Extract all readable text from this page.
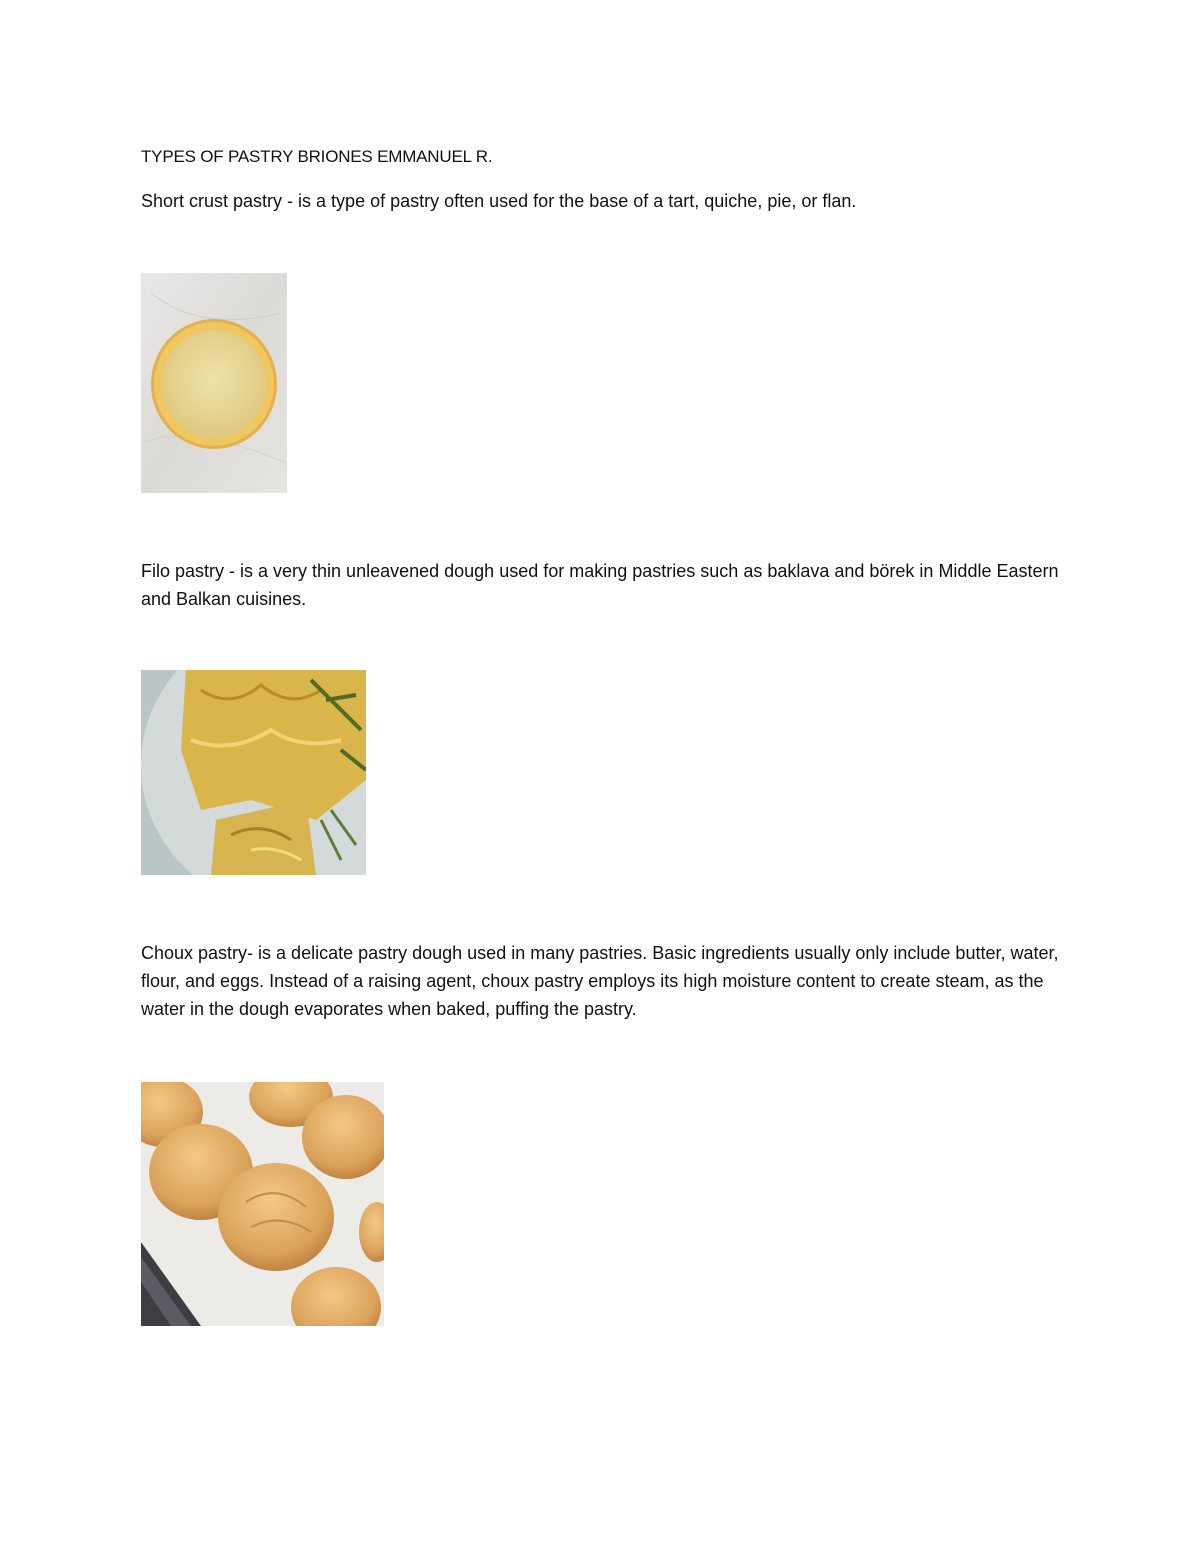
TYPES OF PASTRY BRIONES EMMANUEL R.
Short crust pastry - is a type of pastry often used for the base of a tart, quiche, pie, or flan.
Filo pastry - is a very thin unleavened dough used for making pastries such as baklava and börek in Middle Eastern and Balkan cuisines.
Choux pastry- is a delicate pastry dough used in many pastries. Basic ingredients usually only include butter, water, flour, and eggs. Instead of a raising agent, choux pastry employs its high moisture content to create steam, as the water in the dough evaporates when baked, puffing the pastry.
